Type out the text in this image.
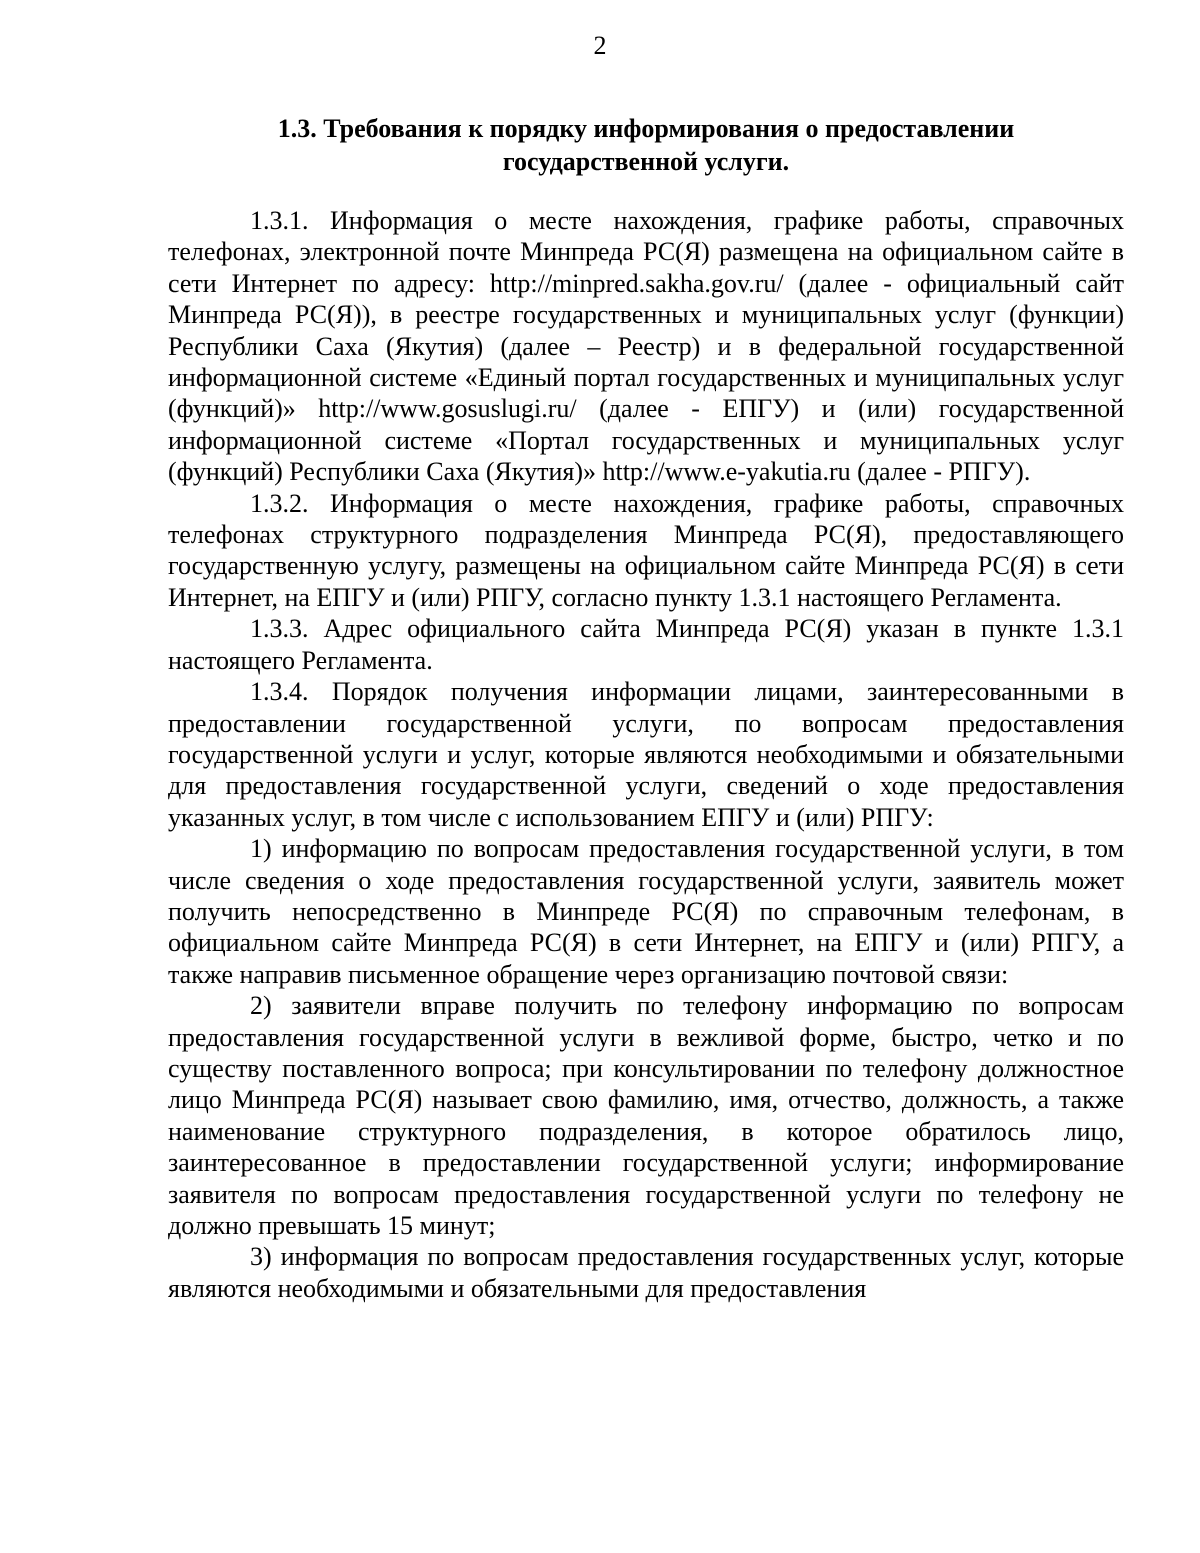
2
1.3. Требования к порядку информирования о предоставлении
государственной услуги.

1.3.1. Информация о месте нахождения, графике работы, справочных телефонах, электронной почте Минпреда РС(Я) размещена на официальном сайте в сети Интернет по адресу: http://minpred.sakha.gov.ru/ (далее - официальный сайт Минпреда РС(Я)), в реестре государственных и муниципальных услуг (функции) Республики Саха (Якутия) (далее – Реестр) и в федеральной государственной информационной системе «Единый портал государственных и муниципальных услуг (функций)» http://www.gosuslugi.ru/ (далее - ЕПГУ) и (или) государственной информационной системе «Портал государственных и муниципальных услуг (функций) Республики Саха (Якутия)» http://www.e-yakutia.ru (далее - РПГУ).

1.3.2. Информация о месте нахождения, графике работы, справочных телефонах структурного подразделения Минпреда РС(Я), предоставляющего государственную услугу, размещены на официальном сайте Минпреда РС(Я) в сети Интернет, на ЕПГУ и (или) РПГУ, согласно пункту 1.3.1 настоящего Регламента.

1.3.3. Адрес официального сайта Минпреда РС(Я) указан в пункте 1.3.1 настоящего Регламента.

1.3.4. Порядок получения информации лицами, заинтересованными в предоставлении государственной услуги, по вопросам предоставления государственной услуги и услуг, которые являются необходимыми и обязательными для предоставления государственной услуги, сведений о ходе предоставления указанных услуг, в том числе с использованием ЕПГУ и (или) РПГУ:

1) информацию по вопросам предоставления государственной услуги, в том числе сведения о ходе предоставления государственной услуги, заявитель может получить непосредственно в Минпреде РС(Я) по справочным телефонам, в официальном сайте Минпреда РС(Я) в сети Интернет, на ЕПГУ и (или) РПГУ, а также направив письменное обращение через организацию почтовой связи:

2) заявители вправе получить по телефону информацию по вопросам предоставления государственной услуги в вежливой форме, быстро, четко и по существу поставленного вопроса; при консультировании по телефону должностное лицо Минпреда РС(Я) называет свою фамилию, имя, отчество, должность, а также наименование структурного подразделения, в которое обратилось лицо, заинтересованное в предоставлении государственной услуги; информирование заявителя по вопросам предоставления государственной услуги по телефону не должно превышать 15 минут;

3) информация по вопросам предоставления государственных услуг, которые являются необходимыми и обязательными для предоставления
